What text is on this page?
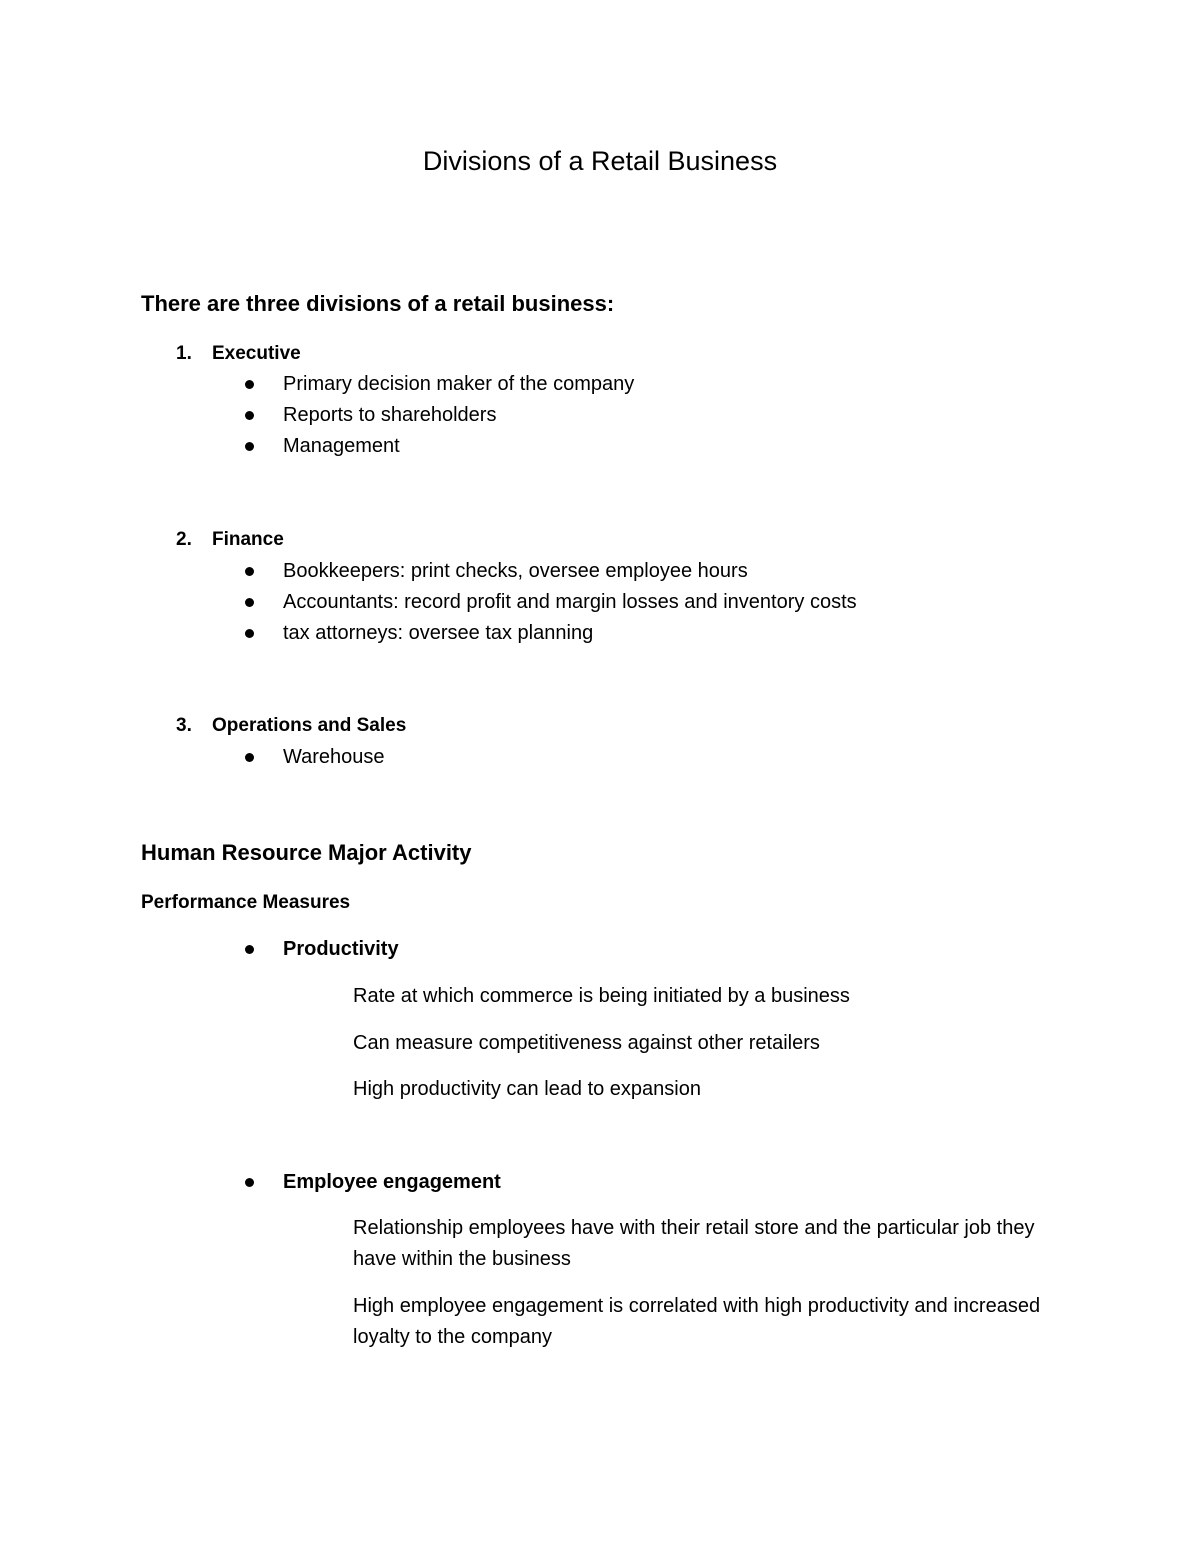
Divisions of a Retail Business
There are three divisions of a retail business:
1. Executive
Primary decision maker of the company
Reports to shareholders
Management
2. Finance
Bookkeepers: print checks, oversee employee hours
Accountants: record profit and margin losses and inventory costs
tax attorneys: oversee tax planning
3. Operations and Sales
Warehouse
Human Resource Major Activity
Performance Measures
Productivity
Rate at which commerce is being initiated by a business
Can measure competitiveness against other retailers
High productivity can lead to expansion
Employee engagement
Relationship employees have with their retail store and the particular job they have within the business
High employee engagement is correlated with high productivity and increased loyalty to the company
